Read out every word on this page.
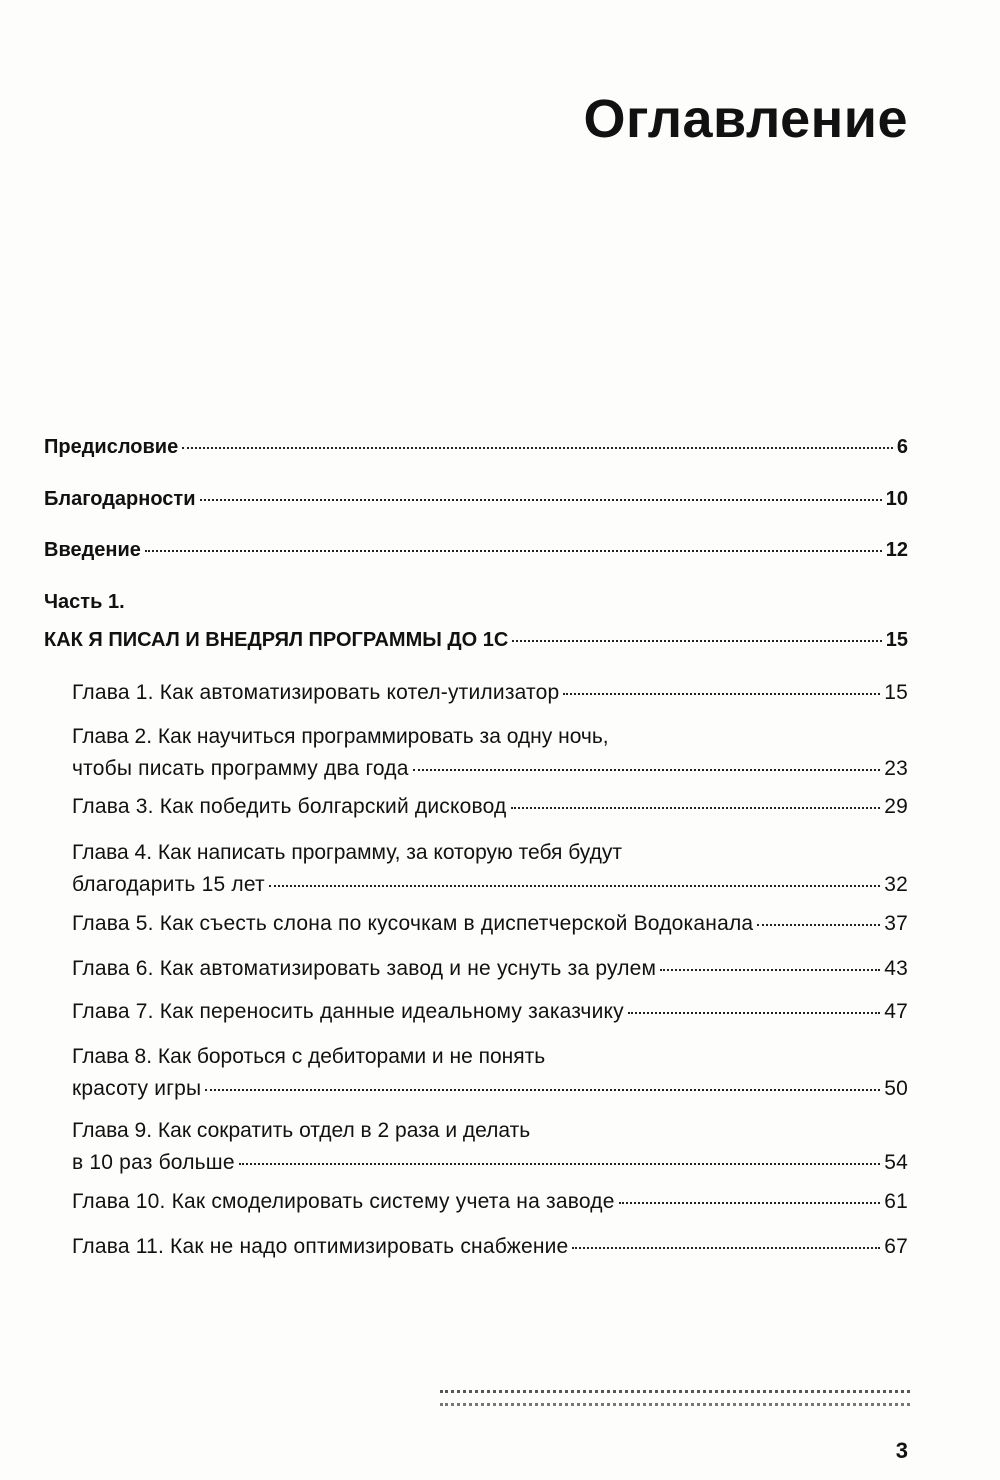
Оглавление
Предисловие	6
Благодарности	10
Введение	12
Часть 1.
КАК Я ПИСАЛ И ВНЕДРЯЛ ПРОГРАММЫ ДО 1С	15
Глава 1. Как автоматизировать котел-утилизатор	15
Глава 2. Как научиться программировать за одну ночь,
чтобы писать программу два года	23
Глава 3. Как победить болгарский дисковод	29
Глава 4. Как написать программу, за которую тебя будут
благодарить 15 лет	32
Глава 5. Как съесть слона по кусочкам в диспетчерской Водоканала	37
Глава 6. Как автоматизировать завод и не уснуть за рулем	43
Глава 7. Как переносить данные идеальному заказчику	47
Глава 8. Как бороться с дебиторами и не понять
красоту игры	50
Глава 9. Как сократить отдел в 2 раза и делать
в 10 раз больше	54
Глава 10. Как смоделировать систему учета на заводе	61
Глава 11. Как не надо оптимизировать снабжение	67
3
